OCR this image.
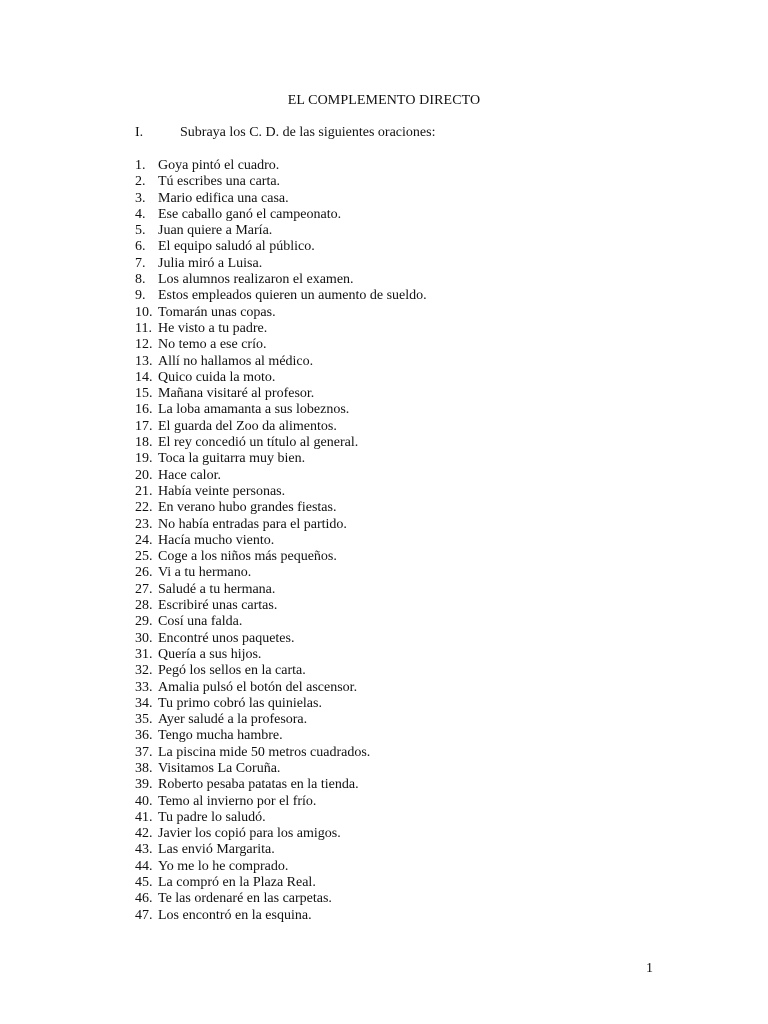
EL COMPLEMENTO DIRECTO
I.	Subraya los C. D. de las siguientes oraciones:
1. Goya pintó el cuadro.
2. Tú escribes una carta.
3. Mario edifica una casa.
4. Ese caballo ganó el campeonato.
5. Juan quiere a María.
6. El equipo saludó al público.
7. Julia miró a Luisa.
8. Los alumnos realizaron el examen.
9. Estos empleados quieren un aumento de sueldo.
10. Tomarán unas copas.
11. He visto a tu padre.
12. No temo a ese crío.
13. Allí no hallamos al médico.
14. Quico cuida la moto.
15. Mañana visitaré al profesor.
16. La loba amamanta a sus lobeznos.
17. El guarda del Zoo da alimentos.
18. El rey concedió un título al general.
19. Toca la guitarra muy bien.
20. Hace calor.
21. Había veinte personas.
22. En verano hubo grandes fiestas.
23. No había entradas para el partido.
24. Hacía mucho viento.
25. Coge a los niños más pequeños.
26. Vi a tu hermano.
27. Saludé a tu hermana.
28. Escribiré unas cartas.
29. Cosí una falda.
30. Encontré unos paquetes.
31. Quería a sus hijos.
32. Pegó los sellos en la carta.
33. Amalia pulsó el botón del ascensor.
34. Tu primo cobró las quinielas.
35. Ayer saludé a la profesora.
36. Tengo mucha hambre.
37. La piscina mide 50 metros cuadrados.
38. Visitamos La Coruña.
39. Roberto pesaba patatas en la tienda.
40. Temo al invierno por el frío.
41. Tu padre lo saludó.
42. Javier los copió para los amigos.
43. Las envió Margarita.
44. Yo me lo he comprado.
45. La compró en la Plaza Real.
46. Te las ordenaré en las carpetas.
47. Los encontró en la esquina.
1
